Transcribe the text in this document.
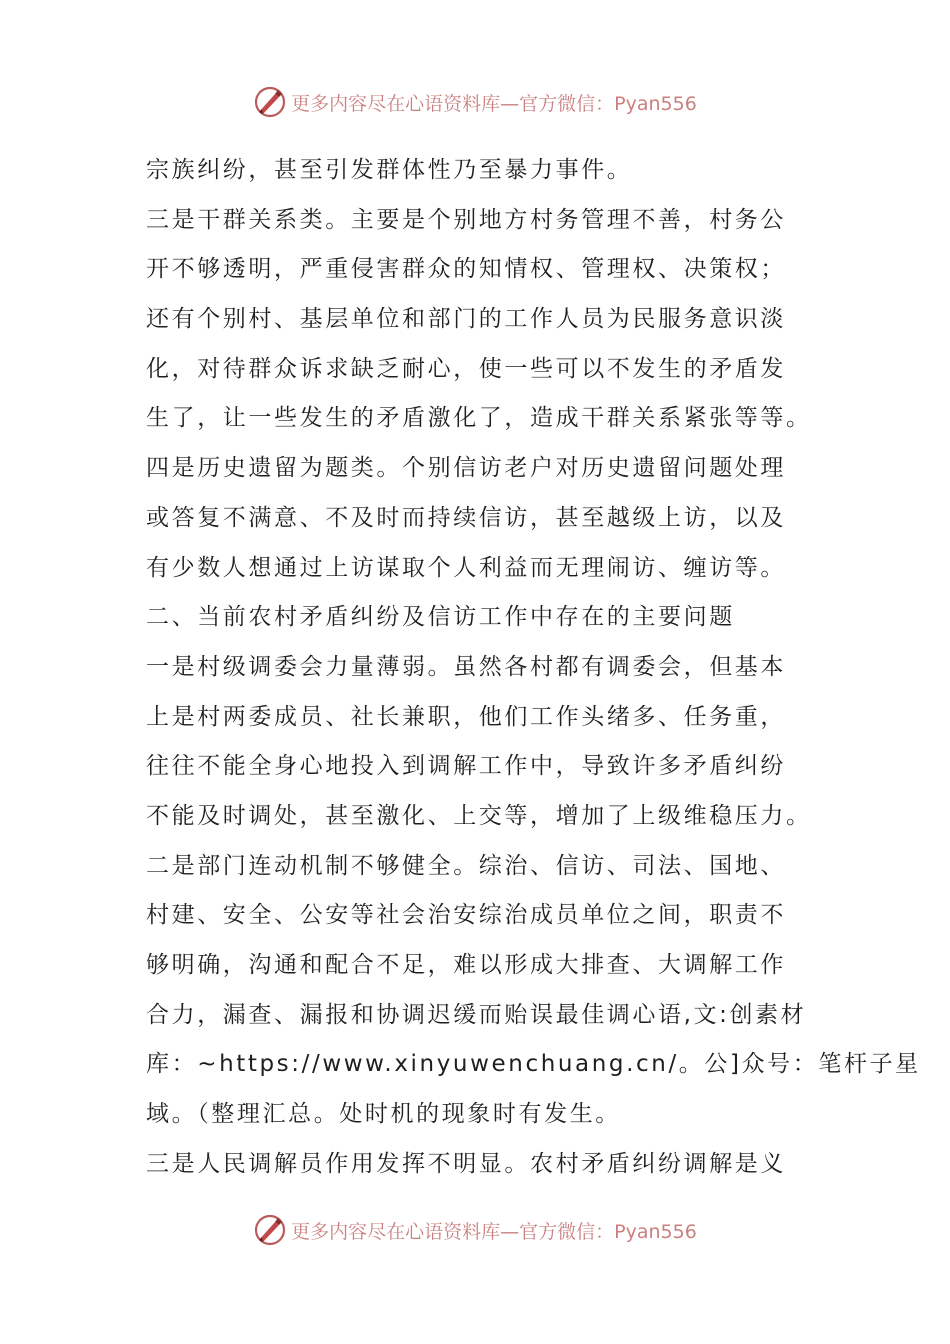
更多内容尽在心语资料库—官方微信：Pyan556
宗族纠纷，甚至引发群体性乃至暴力事件。
三是干群关系类。主要是个别地方村务管理不善，村务公
开不够透明，严重侵害群众的知情权、管理权、决策权；
还有个别村、基层单位和部门的工作人员为民服务意识淡
化，对待群众诉求缺乏耐心，使一些可以不发生的矛盾发
生了，让一些发生的矛盾激化了，造成干群关系紧张等等。
四是历史遗留为题类。个别信访老户对历史遗留问题处理
或答复不满意、不及时而持续信访，甚至越级上访，以及
有少数人想通过上访谋取个人利益而无理闹访、缠访等。
二、当前农村矛盾纠纷及信访工作中存在的主要问题
一是村级调委会力量薄弱。虽然各村都有调委会，但基本
上是村两委成员、社长兼职，他们工作头绪多、任务重，
往往不能全身心地投入到调解工作中，导致许多矛盾纠纷
不能及时调处，甚至激化、上交等，增加了上级维稳压力。
二是部门连动机制不够健全。综治、信访、司法、国地、
村建、安全、公安等社会治安综治成员单位之间，职责不
够明确，沟通和配合不足，难以形成大排查、大调解工作
合力，漏查、漏报和协调迟缓而贻误最佳调心语,文:创素材
库：~https://www.xinyuwenchuang.cn/。公]众号：笔杆子星
域。（整理汇总。处时机的现象时有发生。
三是人民调解员作用发挥不明显。农村矛盾纠纷调解是义
更多内容尽在心语资料库—官方微信：Pyan556
